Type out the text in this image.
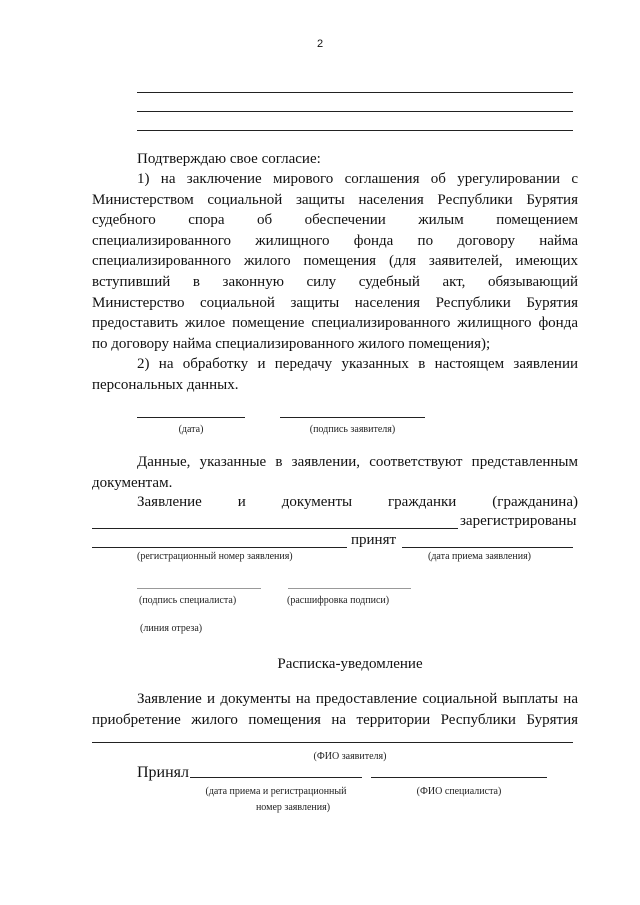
2
Подтверждаю свое согласие:
1) на заключение мирового соглашения об урегулировании с
Министерством социальной защиты населения Республики Бурятия
судебного спора об обеспечении жилым помещением
специализированного жилищного фонда по договору найма
специализированного жилого помещения (для заявителей, имеющих
вступивший в законную силу судебный акт, обязывающий
Министерство социальной защиты населения Республики Бурятия
предоставить жилое помещение специализированного жилищного фонда
по договору найма специализированного жилого помещения);
2) на обработку и передачу указанных в настоящем заявлении
персональных данных.
(дата)	(подпись заявителя)
Данные, указанные в заявлении, соответствуют представленным
документам.
Заявление и документы гражданки (гражданина)
зарегистрированы
принят
(регистрационный номер заявления)	(дата приема заявления)
(подпись специалиста)	(расшифровка подписи)
(линия отреза)
Расписка-уведомление
Заявление и документы на предоставление социальной выплаты на
приобретение жилого помещения на территории Республики Бурятия
(ФИО заявителя)
Принял
(дата приема и регистрационный
номер заявления)
(ФИО специалиста)
